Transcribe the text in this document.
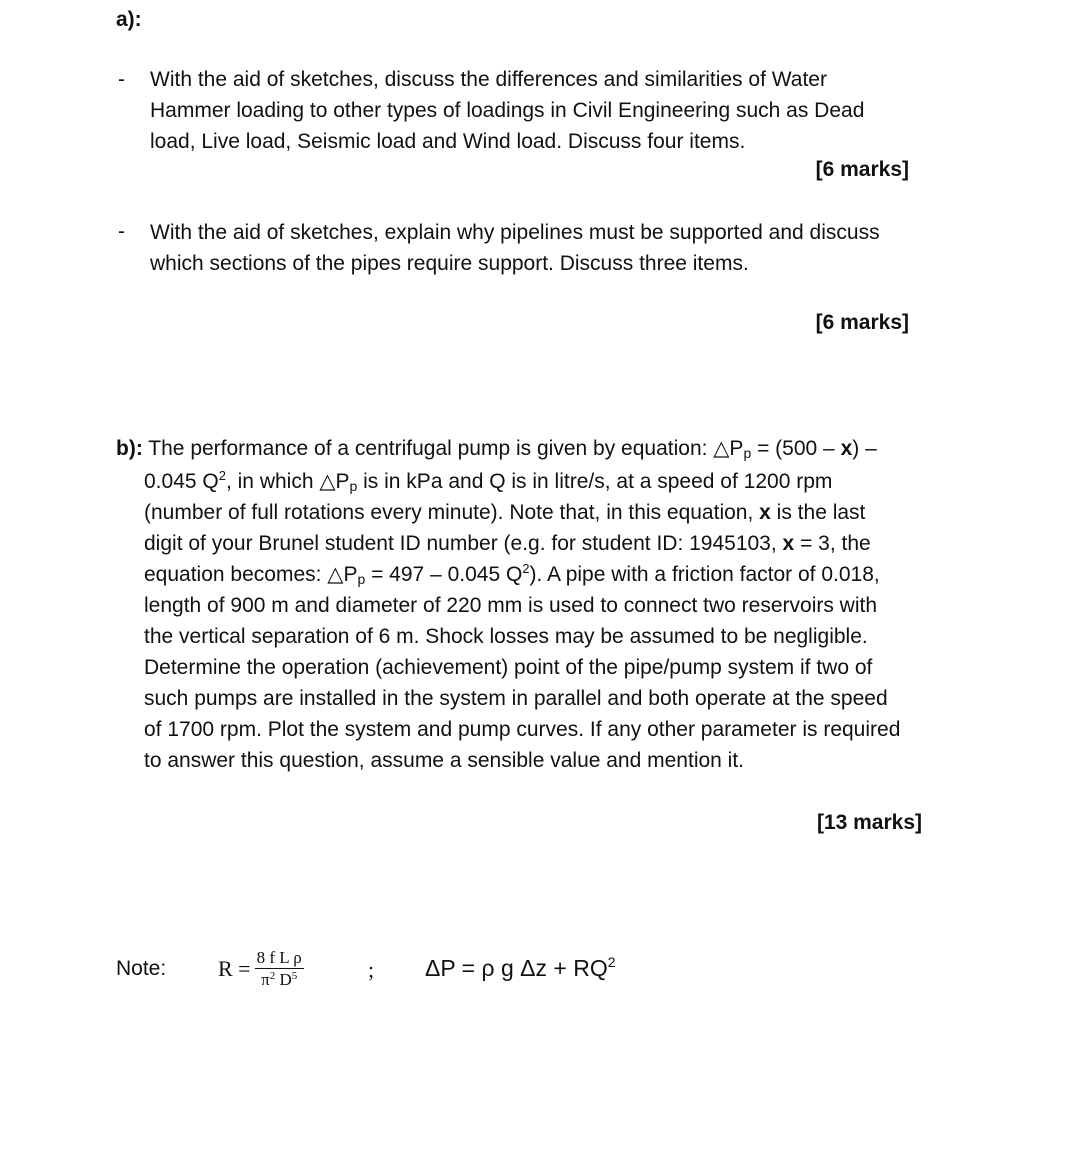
a):
- With the aid of sketches, discuss the differences and similarities of Water
Hammer loading to other types of loadings in Civil Engineering such as Dead
load, Live load, Seismic load and Wind load. Discuss four items.
[6 marks]
- With the aid of sketches, explain why pipelines must be supported and discuss
which sections of the pipes require support. Discuss three items.
[6 marks]
b): The performance of a centrifugal pump is given by equation: $\triangle P_p = (500 - x)$ –
0.045 $Q^2$, in which $\triangle P_p$ is in kPa and Q is in litre/s, at a speed of 1200 rpm
(number of full rotations every minute). Note that, in this equation, x is the last
digit of your Brunel student ID number (e.g. for student ID: 1945103, x = 3, the
equation becomes: $\triangle P_p = 497 - 0.045$ $Q^2$). A pipe with a friction factor of 0.018,
length of 900 m and diameter of 220 mm is used to connect two reservoirs with
the vertical separation of 6 m. Shock losses may be assumed to be negligible.
Determine the operation (achievement) point of the pipe/pump system if two of
such pumps are installed in the system in parallel and both operate at the speed
of 1700 rpm. Plot the system and pump curves. If any other parameter is required
to answer this question, assume a sensible value and mention it.
[13 marks]
Note: $R = \frac{\text{8 f L ρ}}{\pi^2 D^5}$	; ΔP = ρ g $\Delta z + RQ^2$
